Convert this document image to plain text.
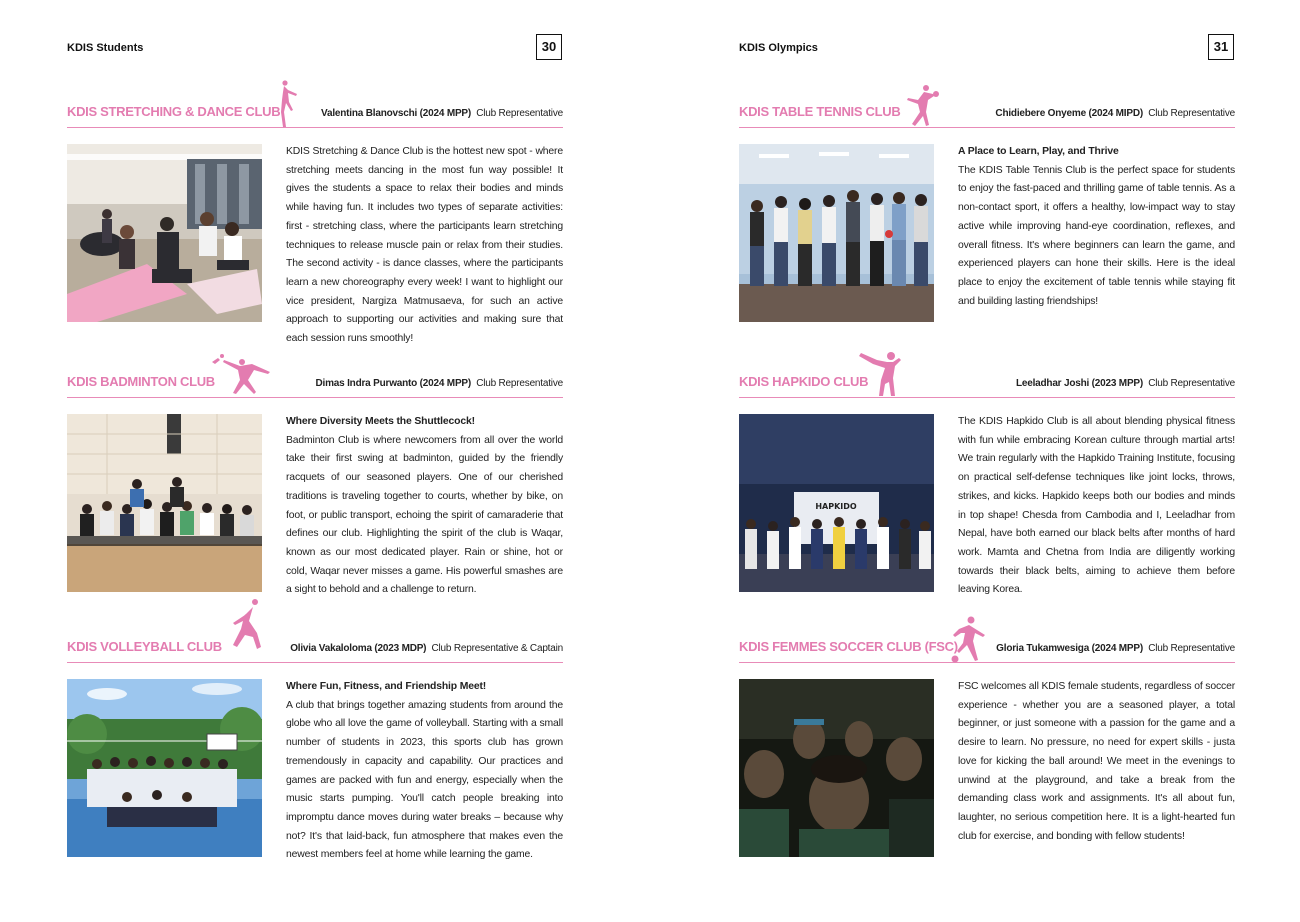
KDIS Students	30
KDIS STRETCHING & DANCE CLUB	Valentina Blanovschi (2024 MPP) Club Representative
KDIS Stretching & Dance Club is the hottest new spot - where stretching meets dancing in the most fun way possible! It gives the students a space to relax their bodies and minds while having fun. It includes two types of separate activities: first - stretching class, where the participants learn stretching techniques to release muscle pain or relax from their studies. The second activity - is dance classes, where the participants learn a new choreography every week! I want to highlight our vice president, Nargiza Matmusaeva, for such an active approach to supporting our activities and making sure that each session runs smoothly!
KDIS BADMINTON CLUB	Dimas Indra Purwanto (2024 MPP) Club Representative
Where Diversity Meets the Shuttlecock!
Badminton Club is where newcomers from all over the world take their first swing at badminton, guided by the friendly racquets of our seasoned players. One of our cherished traditions is traveling together to courts, whether by bike, on foot, or public transport, echoing the spirit of camaraderie that defines our club. Highlighting the spirit of the club is Waqar, known as our most dedicated player. Rain or shine, hot or cold, Waqar never misses a game. His powerful smashes are a sight to behold and a challenge to return.
KDIS VOLLEYBALL CLUB	Olivia Vakaloloma (2023 MDP) Club Representative & Captain
Where Fun, Fitness, and Friendship Meet!
A club that brings together amazing students from around the globe who all love the game of volleyball. Starting with a small number of students in 2023, this sports club has grown tremendously in capacity and capability. Our practices and games are packed with fun and energy, especially when the music starts pumping. You'll catch people breaking into impromptu dance moves during water breaks – because why not? It's that laid-back, fun atmosphere that makes even the newest members feel at home while learning the game.
KDIS Olympics	31
KDIS TABLE TENNIS CLUB	Chidiebere Onyeme (2024 MIPD) Club Representative
A Place to Learn, Play, and Thrive
The KDIS Table Tennis Club is the perfect space for students to enjoy the fast-paced and thrilling game of table tennis. As a non-contact sport, it offers a healthy, low-impact way to stay active while improving hand-eye coordination, reflexes, and overall fitness. It's where beginners can learn the game, and experienced players can hone their skills. Here is the ideal place to enjoy the excitement of table tennis while staying fit and building lasting friendships!
KDIS HAPKIDO CLUB	Leeladhar Joshi (2023 MPP) Club Representative
HAPKIDO
The KDIS Hapkido Club is all about blending physical fitness with fun while embracing Korean culture through martial arts! We train regularly with the Hapkido Training Institute, focusing on practical self-defense techniques like joint locks, throws, strikes, and kicks. Hapkido keeps both our bodies and minds in top shape! Chesda from Cambodia and I, Leeladhar from Nepal, have both earned our black belts after months of hard work. Mamta and Chetna from India are diligently working towards their black belts, aiming to achieve them before leaving Korea.
KDIS FEMMES SOCCER CLUB (FSC)	Gloria Tukamwesiga (2024 MPP) Club Representative
FSC welcomes all KDIS female students, regardless of soccer experience - whether you are a seasoned player, a total beginner, or just someone with a passion for the game and a desire to learn. No pressure, no need for expert skills - justa love for kicking the ball around! We meet in the evenings to unwind at the playground, and take a break from the demanding class work and assignments. It's all about fun, laughter, no serious competition here. It is a light-hearted fun club for exercise, and bonding with fellow students!
